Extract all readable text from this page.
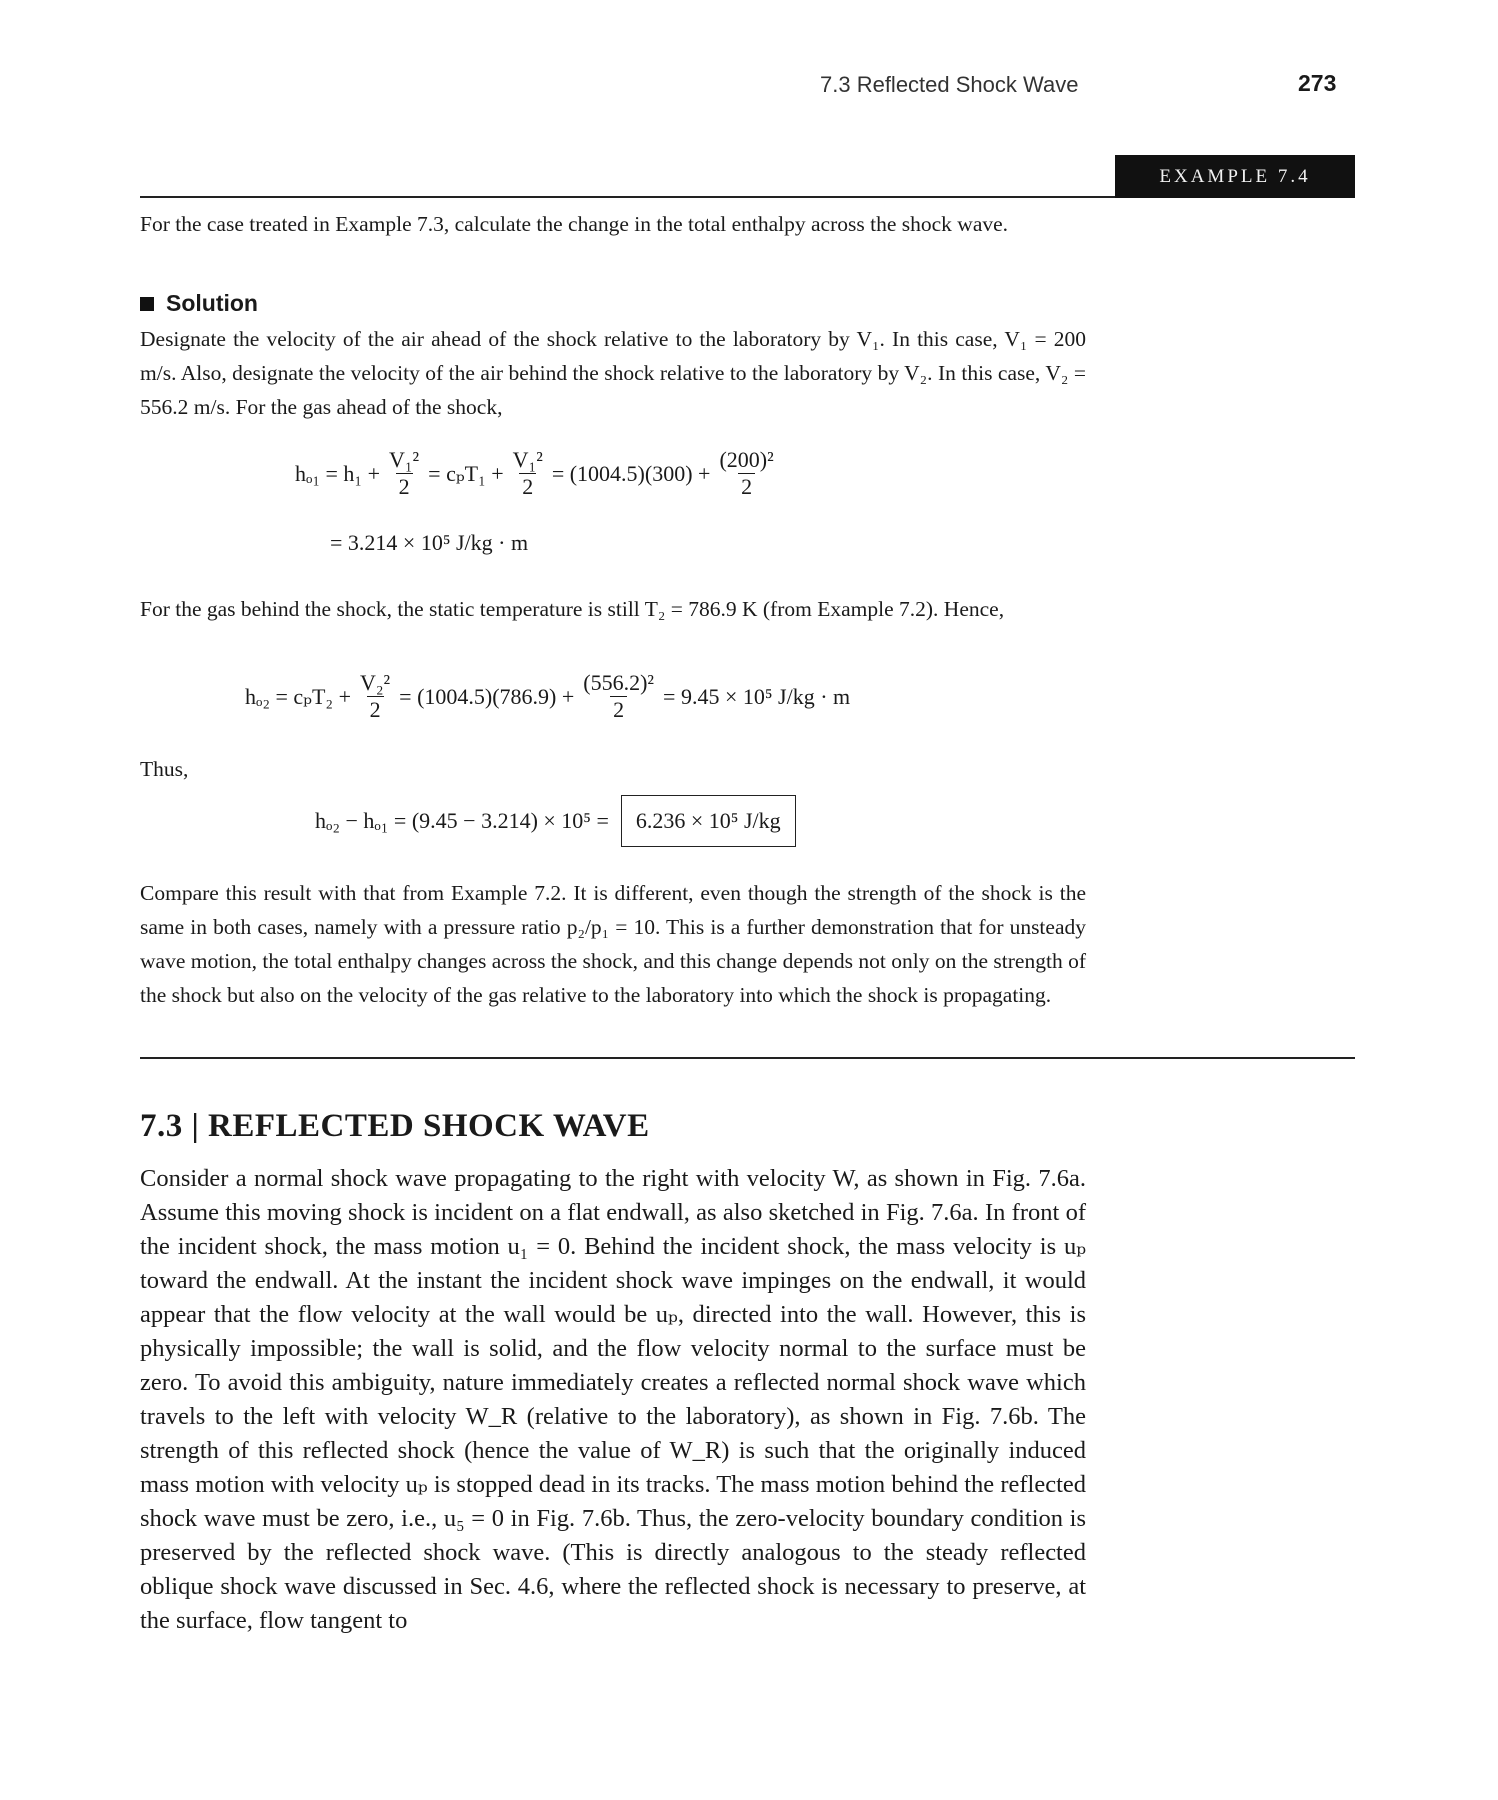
7.3 Reflected Shock Wave	273
EXAMPLE 7.4

For the case treated in Example 7.3, calculate the change in the total enthalpy across the shock wave.

Solution

Designate the velocity of the air ahead of the shock relative to the laboratory by V₁. In this case, V₁ = 200 m/s. Also, designate the velocity of the air behind the shock relative to the laboratory by V₂. In this case, V₂ = 556.2 m/s. For the gas ahead of the shock,

$h_{o1} = h_1 + \frac{\text{V₁²}}{2} = c_pT_1 + \frac{\text{V₁²}}{2} = (1004.5)(300) + \frac{\text{(200)²}}{2}$
= 3.214 × 10⁵ J/kg · m

For the gas behind the shock, the static temperature is still T₂ = 786.9 K (from Example 7.2). Hence,

$h_{o2} = c_pT_2 + \frac{\text{V₂²}}{2} = (1004.5)(786.9) + \frac{\text{(556.2)²}}{2} = 9.45 \times 10^5$ J/kg · m
Thus,
hₒ₂ − hₒ₁ = (9.45 − 3.214) × 10⁵ =	6.236 × 10⁵ J/kg

Compare this result with that from Example 7.2. It is different, even though the strength of the shock is the same in both cases, namely with a pressure ratio p₂/p₁ = 10. This is a further demonstration that for unsteady wave motion, the total enthalpy changes across the shock, and this change depends not only on the strength of the shock but also on the velocity of the gas relative to the laboratory into which the shock is propagating.

7.3 | REFLECTED SHOCK WAVE

Consider a normal shock wave propagating to the right with velocity W, as shown in Fig. 7.6a. Assume this moving shock is incident on a flat endwall, as also sketched in Fig. 7.6a. In front of the incident shock, the mass motion u₁ = 0. Behind the incident shock, the mass velocity is uₚ toward the endwall. At the instant the incident shock wave impinges on the endwall, it would appear that the flow velocity at the wall would be uₚ, directed into the wall. However, this is physically impossible; the wall is solid, and the flow velocity normal to the surface must be zero. To avoid this ambiguity, nature immediately creates a reflected normal shock wave which travels to the left with velocity W_R (relative to the laboratory), as shown in Fig. 7.6b. The strength of this reflected shock (hence the value of W_R) is such that the originally induced mass motion with velocity uₚ is stopped dead in its tracks. The mass motion behind the reflected shock wave must be zero, i.e., u₅ = 0 in Fig. 7.6b. Thus, the zero-velocity boundary condition is preserved by the reflected shock wave. (This is directly analogous to the steady reflected oblique shock wave discussed in Sec. 4.6, where the reflected shock is necessary to preserve, at the surface, flow tangent to
